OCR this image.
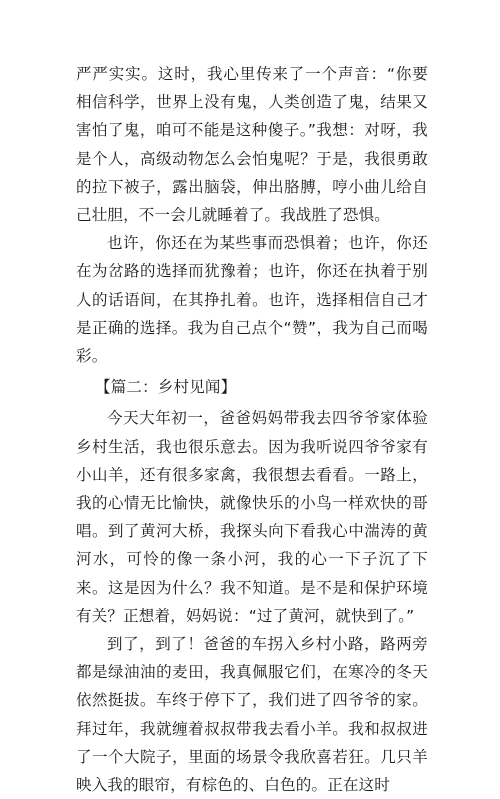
严严实实。这时，我心里传来了一个声音：“你要相信科学，世界上没有鬼，人类创造了鬼，结果又害怕了鬼，咱可不能是这种傻子。”我想：对呀，我是个人，高级动物怎么会怕鬼呢？于是，我很勇敢的拉下被子，露出脑袋，伸出胳膊，哼小曲儿给自己壮胆，不一会儿就睡着了。我战胜了恐惧。

也许，你还在为某些事而恐惧着；也许，你还在为岔路的选择而犹豫着；也许，你还在执着于别人的话语间，在其挣扎着。也许，选择相信自己才是正确的选择。我为自己点个“赞”，我为自己而喝彩。

【篇二：乡村见闻】

今天大年初一，爸爸妈妈带我去四爷爷家体验乡村生活，我也很乐意去。因为我听说四爷爷家有小山羊，还有很多家禽，我很想去看看。一路上，我的心情无比愉快，就像快乐的小鸟一样欢快的哥唱。到了黄河大桥，我探头向下看我心中湍涛的黄河水，可怜的像一条小河，我的心一下子沉了下来。这是因为什么？我不知道。是不是和保护环境有关？正想着，妈妈说：“过了黄河，就快到了。”

到了，到了！爸爸的车拐入乡村小路，路两旁都是绿油油的麦田，我真佩服它们，在寒冷的冬天依然挺拔。车终于停下了，我们进了四爷爷的家。拜过年，我就缠着叔叔带我去看小羊。我和叔叔进了一个大院子，里面的场景令我欣喜若狂。几只羊映入我的眼帘，有棕色的、白色的。正在这时
